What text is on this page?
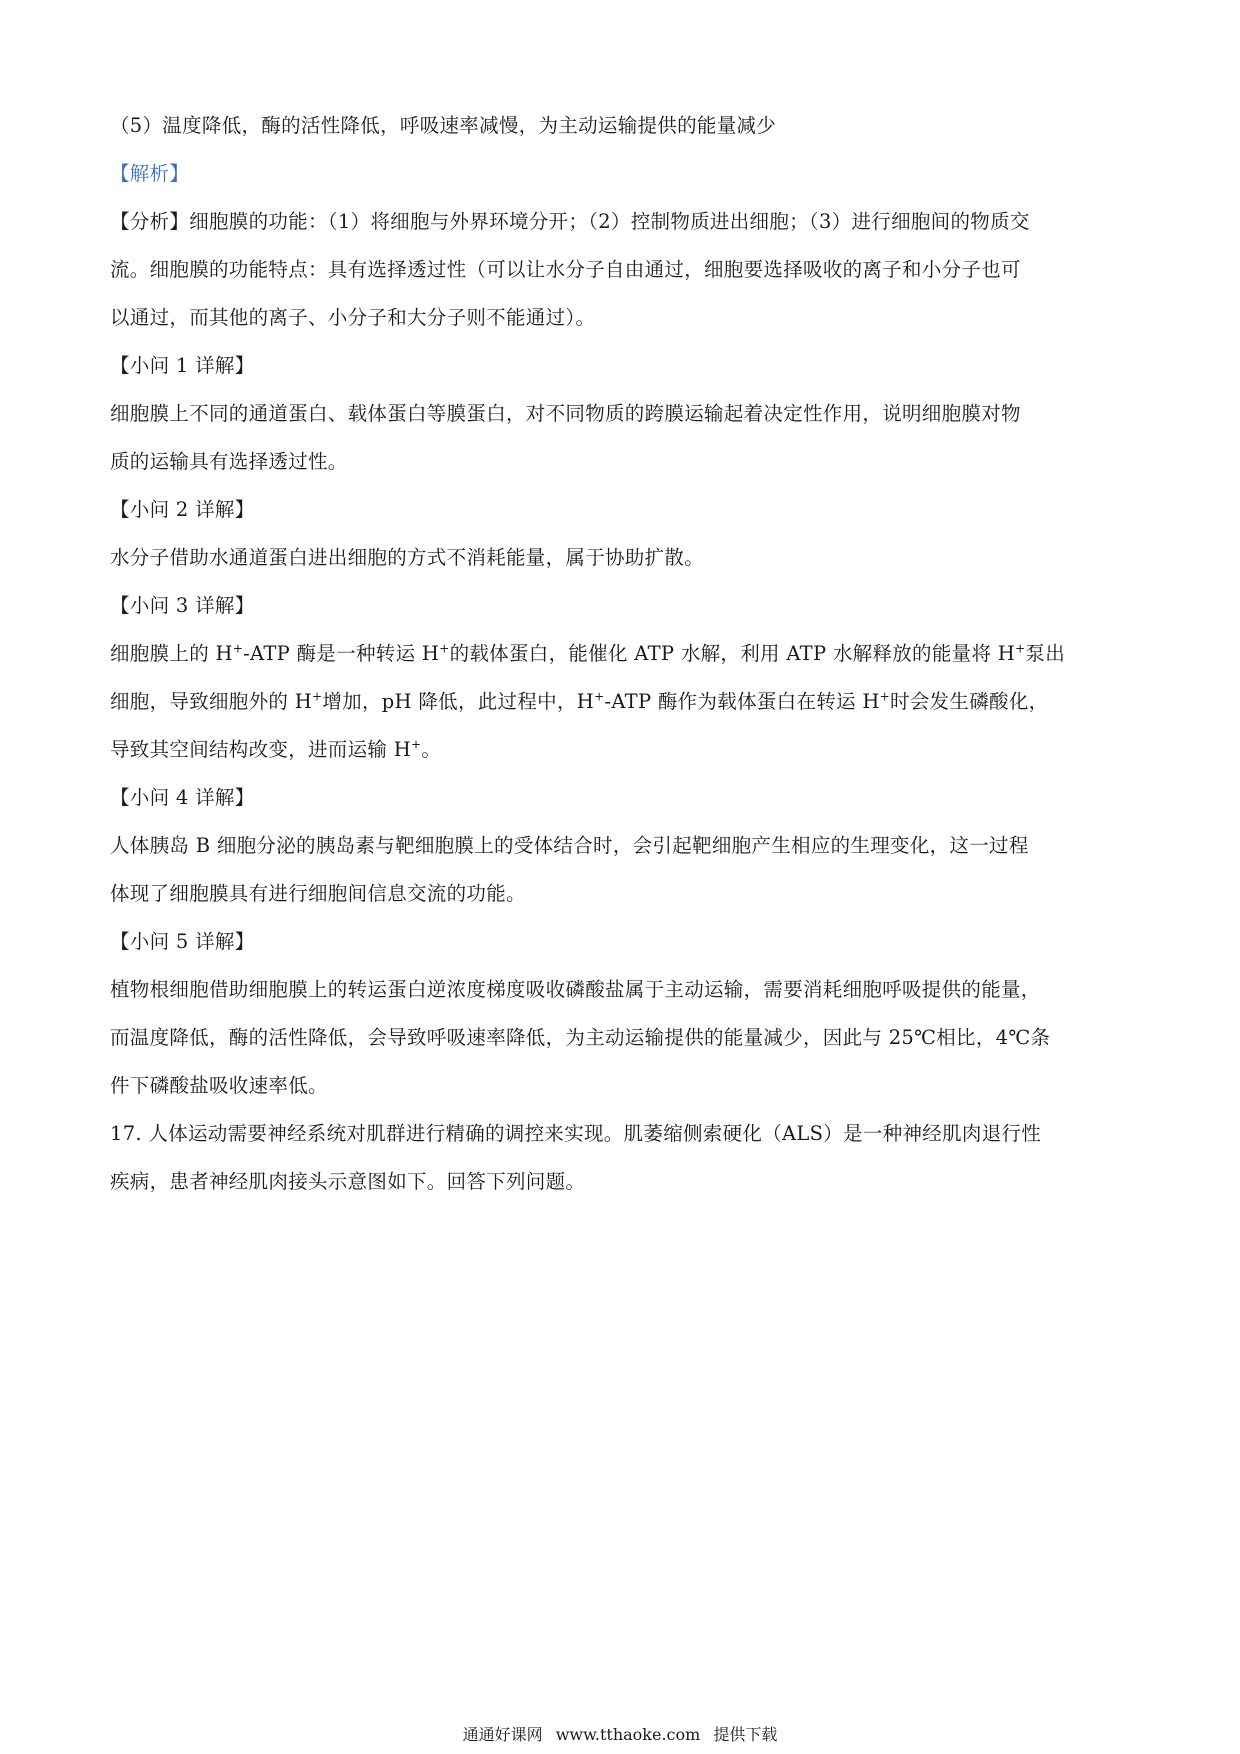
（5）温度降低，酶的活性降低，呼吸速率减慢，为主动运输提供的能量减少
【解析】
【分析】细胞膜的功能：（1）将细胞与外界环境分开；（2）控制物质进出细胞；（3）进行细胞间的物质交
流。细胞膜的功能特点：具有选择透过性（可以让水分子自由通过，细胞要选择吸收的离子和小分子也可
以通过，而其他的离子、小分子和大分子则不能通过）。
【小问 1 详解】
细胞膜上不同的通道蛋白、载体蛋白等膜蛋白，对不同物质的跨膜运输起着决定性作用，说明细胞膜对物
质的运输具有选择透过性。
【小问 2 详解】
水分子借助水通道蛋白进出细胞的方式不消耗能量，属于协助扩散。
【小问 3 详解】
细胞膜上的 H+-ATP 酶是一种转运 H+的载体蛋白，能催化 ATP 水解，利用 ATP 水解释放的能量将 H+泵出
细胞，导致细胞外的 H+增加，pH 降低，此过程中，H+-ATP 酶作为载体蛋白在转运 H+时会发生磷酸化，
导致其空间结构改变，进而运输 H+。
【小问 4 详解】
人体胰岛 B 细胞分泌的胰岛素与靶细胞膜上的受体结合时，会引起靶细胞产生相应的生理变化，这一过程
体现了细胞膜具有进行细胞间信息交流的功能。
【小问 5 详解】
植物根细胞借助细胞膜上的转运蛋白逆浓度梯度吸收磷酸盐属于主动运输，需要消耗细胞呼吸提供的能量，
而温度降低，酶的活性降低，会导致呼吸速率降低，为主动运输提供的能量减少，因此与 25℃相比，4℃条
件下磷酸盐吸收速率低。
17. 人体运动需要神经系统对肌群进行精确的调控来实现。肌萎缩侧索硬化（ALS）是一种神经肌肉退行性
疾病，患者神经肌肉接头示意图如下。回答下列问题。
通通好课网 www.tthaoke.com 提供下载
